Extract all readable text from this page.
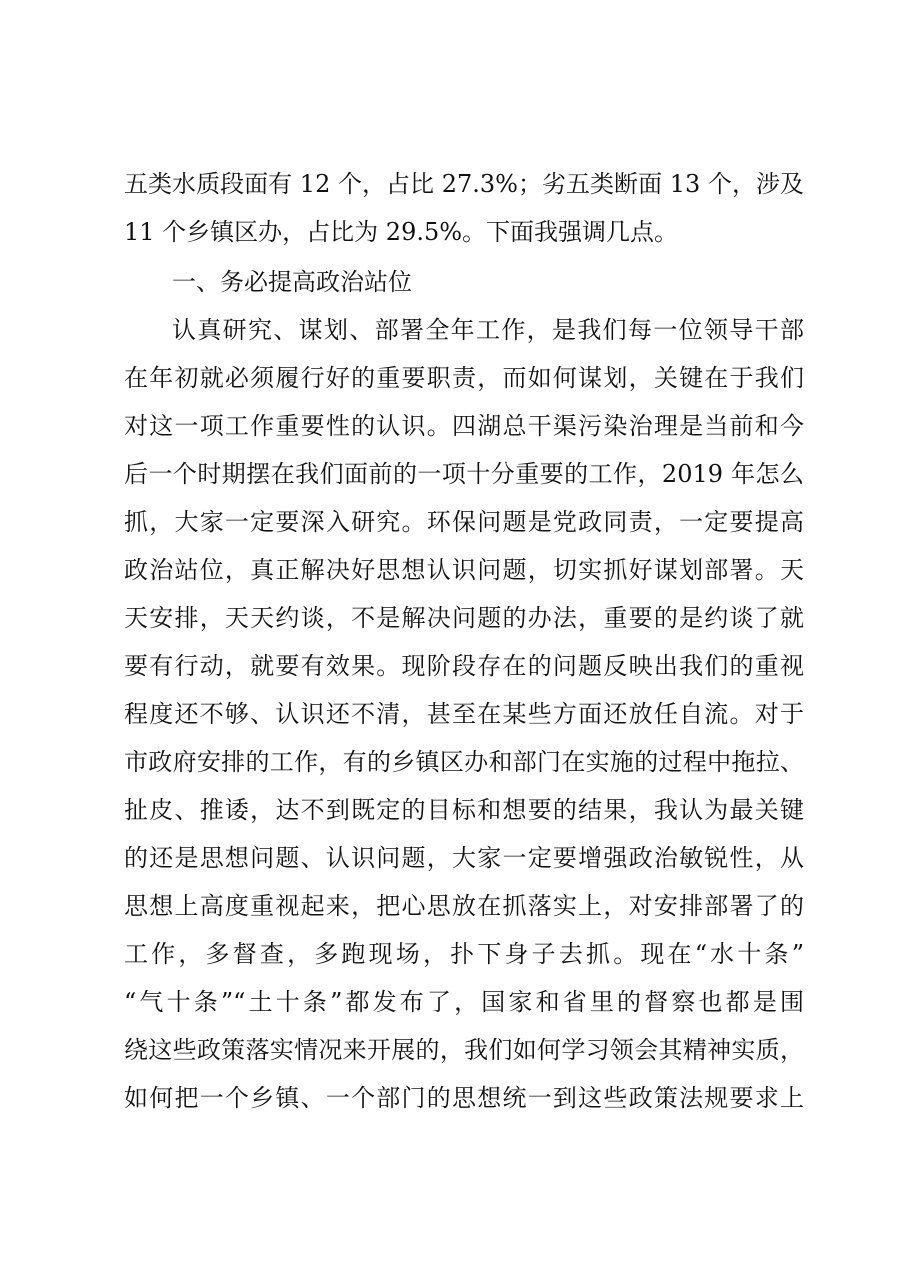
五类水质段面有 12 个，占比 27.3%；劣五类断面 13 个，涉及
11 个乡镇区办，占比为 29.5%。下面我强调几点。
一、务必提高政治站位
认真研究、谋划、部署全年工作，是我们每一位领导干部
在年初就必须履行好的重要职责，而如何谋划，关键在于我们
对这一项工作重要性的认识。四湖总干渠污染治理是当前和今
后一个时期摆在我们面前的一项十分重要的工作，2019 年怎么
抓，大家一定要深入研究。环保问题是党政同责，一定要提高
政治站位，真正解决好思想认识问题，切实抓好谋划部署。天
天安排，天天约谈，不是解决问题的办法，重要的是约谈了就
要有行动，就要有效果。现阶段存在的问题反映出我们的重视
程度还不够、认识还不清，甚至在某些方面还放任自流。对于
市政府安排的工作，有的乡镇区办和部门在实施的过程中拖拉、
扯皮、推诿，达不到既定的目标和想要的结果，我认为最关键
的还是思想问题、认识问题，大家一定要增强政治敏锐性，从
思想上高度重视起来，把心思放在抓落实上，对安排部署了的
工作，多督查，多跑现场，扑下身子去抓。现在“水十条”
“气十条”“土十条”都发布了，国家和省里的督察也都是围
绕这些政策落实情况来开展的，我们如何学习领会其精神实质，
如何把一个乡镇、一个部门的思想统一到这些政策法规要求上
